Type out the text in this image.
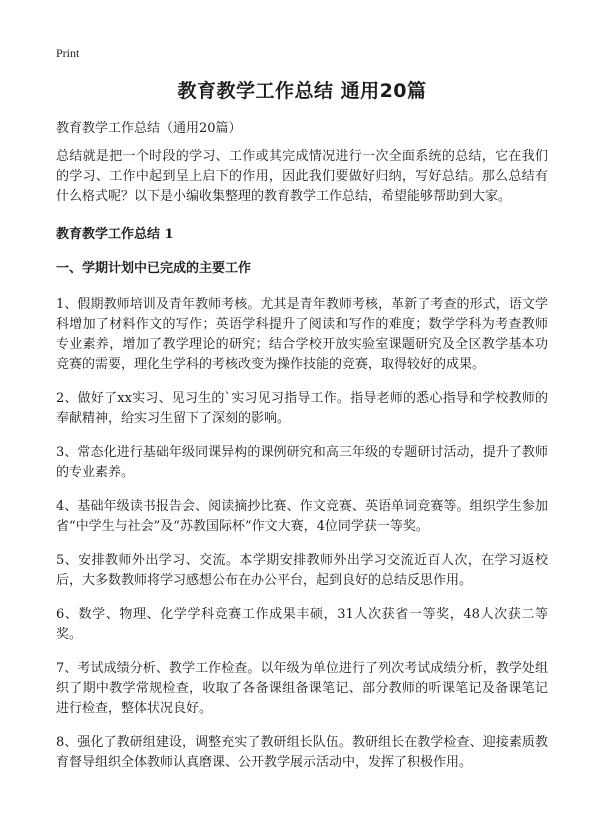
Print
教育教学工作总结 通用20篇
教育教学工作总结（通用20篇）

总结就是把一个时段的学习、工作或其完成情况进行一次全面系统的总结，它在我们的学习、工作中起到呈上启下的作用，因此我们要做好归纳，写好总结。那么总结有什么格式呢？以下是小编收集整理的教育教学工作总结，希望能够帮助到大家。

教育教学工作总结 1
一、学期计划中已完成的主要工作

1、假期教师培训及青年教师考核。尤其是青年教师考核，革新了考查的形式，语文学科增加了材料作文的写作；英语学科提升了阅读和写作的难度；数学学科为考查教师专业素养，增加了教学理论的研究；结合学校开放实验室课题研究及全区教学基本功竞赛的需要，理化生学科的考核改变为操作技能的竞赛，取得较好的成果。

2、做好了xx实习、见习生的`实习见习指导工作。指导老师的悉心指导和学校教师的奉献精神，给实习生留下了深刻的影响。

3、常态化进行基础年级同课异构的课例研究和高三年级的专题研讨活动，提升了教师的专业素养。

4、基础年级读书报告会、阅读摘抄比赛、作文竞赛、英语单词竞赛等。组织学生参加省“中学生与社会”及“苏教国际杯”作文大赛，4位同学获一等奖。

5、安排教师外出学习、交流。本学期安排教师外出学习交流近百人次，在学习返校后，大多数教师将学习感想公布在办公平台，起到良好的总结反思作用。

6、数学、物理、化学学科竞赛工作成果丰硕，31人次获省一等奖，48人次获二等奖。

7、考试成绩分析、教学工作检查。以年级为单位进行了列次考试成绩分析，教学处组织了期中教学常规检查，收取了各备课组备课笔记、部分教师的听课笔记及备课笔记进行检查，整体状况良好。

8、强化了教研组建设，调整充实了教研组长队伍。教研组长在教学检查、迎接素质教育督导组织全体教师认真磨课、公开教学展示活动中，发挥了积极作用。
